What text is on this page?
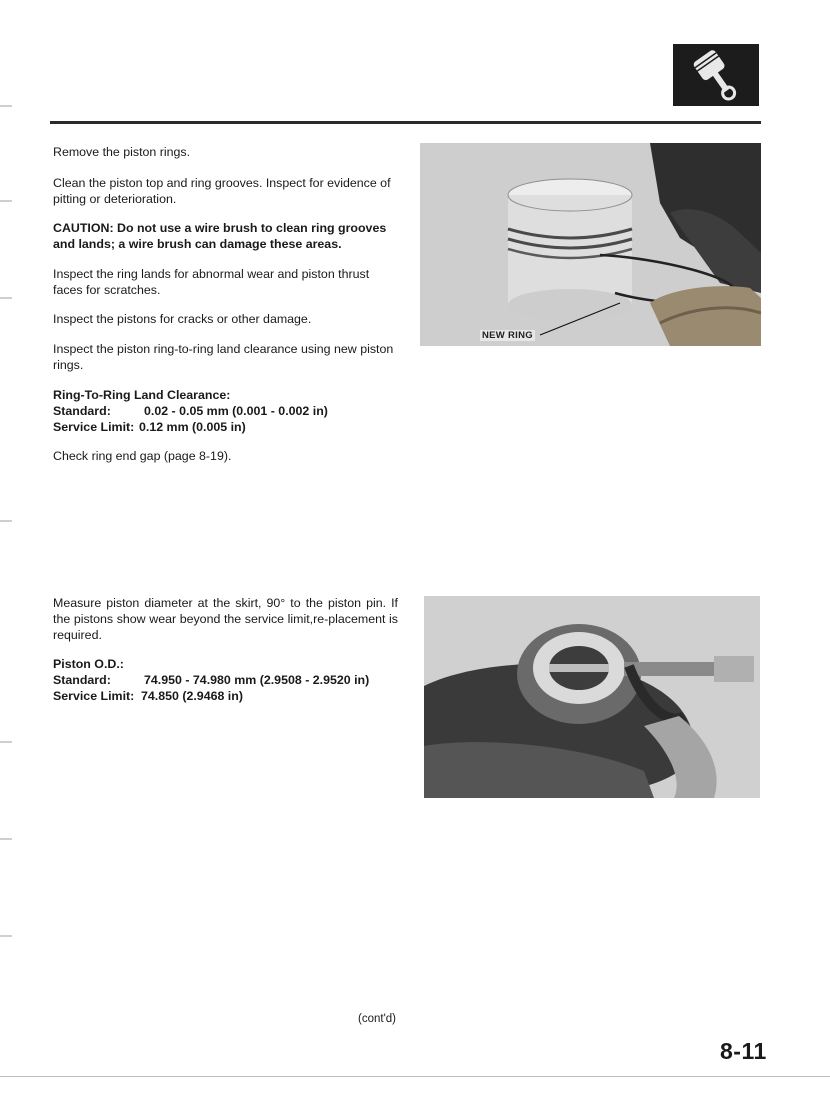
Remove the piston rings.

Clean the piston top and ring grooves. Inspect for evidence of pitting or deterioration.

CAUTION: Do not use a wire brush to clean ring grooves and lands; a wire brush can damage these areas.

Inspect the ring lands for abnormal wear and piston thrust faces for scratches.

Inspect the pistons for cracks or other damage.

Inspect the piston ring-to-ring land clearance using new piston rings.

Ring-To-Ring Land Clearance:

Standard:	0.02 - 0.05 mm (0.001 - 0.002 in)

Service Limit: 0.12 mm (0.005 in)

Check ring end gap (page 8-19).

NEW RING

Measure piston diameter at the skirt, 90° to the piston pin. If the pistons show wear beyond the service limit,re-placement is required.

Piston O.D.:

Standard:	74.950 - 74.980 mm (2.9508 - 2.9520 in)

Service Limit: 74.850 (2.9468 in)

(cont'd)
8-11
